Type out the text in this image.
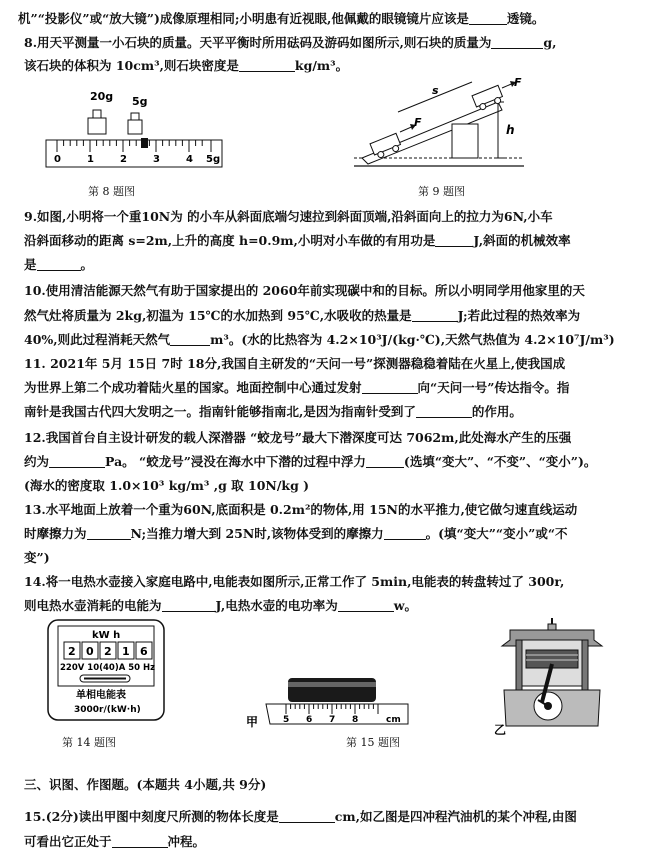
机”“投影仪”或“放大镜”)成像原理相同;小明患有近视眼,他佩戴的眼镜镜片应该是	透镜。
8.用天平测量一小石块的质量。天平平衡时所用砝码及游码如图所示,则石块的质量为	g,
该石块的体积为 10cm³,则石块密度是	kg/m³。
20g 5g
0	1	2	3	4 5g
第 8 题图
h
F
F
s
第 9 题图
9.如图,小明将一个重10N为 的小车从斜面底端匀速拉到斜面顶端,沿斜面向上的拉力为6N,小车
沿斜面移动的距离 s=2m,上升的高度 h=0.9m,小明对小车做的有用功是	J,斜面的机械效率
是	。
10.使用清洁能源天然气有助于国家提出的 2060年前实现碳中和的目标。所以小明同学用他家里的天
然气灶将质量为 2kg,初温为 15℃的水加热到 95℃,水吸收的热量是	J;若此过程的热效率为
40%,则此过程消耗天然气	m³。(水的比热容为 4.2×10³J/(kg·℃),天然气热值为 4.2×10⁷J/m³)
11. 2021年 5月 15日 7时 18分,我国自主研发的“天问一号”探测器稳稳着陆在火星上,使我国成
为世界上第二个成功着陆火星的国家。地面控制中心通过发射	向“天问一号”传达指令。指
南针是我国古代四大发明之一。指南针能够指南北,是因为指南针受到了	的作用。
12.我国首台自主设计研发的载人深潜器 “蛟龙号”最大下潜深度可达 7062m,此处海水产生的压强
约为	Pa。 “蛟龙号”浸没在海水中下潜的过程中浮力	(选填“变大”、“不变”、“变小”)。
(海水的密度取 1.0×10³ kg/m³ ,g 取 10N/kg )
13.水平地面上放着一个重为60N,底面积是 0.2m²的物体,用 15N的水平推力,使它做匀速直线运动
时摩擦力为	N;当推力增大到 25N时,该物体受到的摩擦力	。(填“变大”“变小”或“不
变”)
14.将一电热水壶接入家庭电路中,电能表如图所示,正常工作了 5min,电能表的转盘转过了 300r,
则电热水壶消耗的电能为	J,电热水壶的电功率为	w。
kW h
2 0 2 1 6
220V 10(40)A 50 Hz
单相电能表
3000r/(kW·h)
第 14 题图
5 6 7 8	cm
甲
第 15 题图
乙
三、识图、作图题。(本题共 4小题,共 9分)
15.(2分)读出甲图中刻度尺所测的物体长度是	cm,如乙图是四冲程汽油机的某个冲程,由图
可看出它正处于	冲程。
